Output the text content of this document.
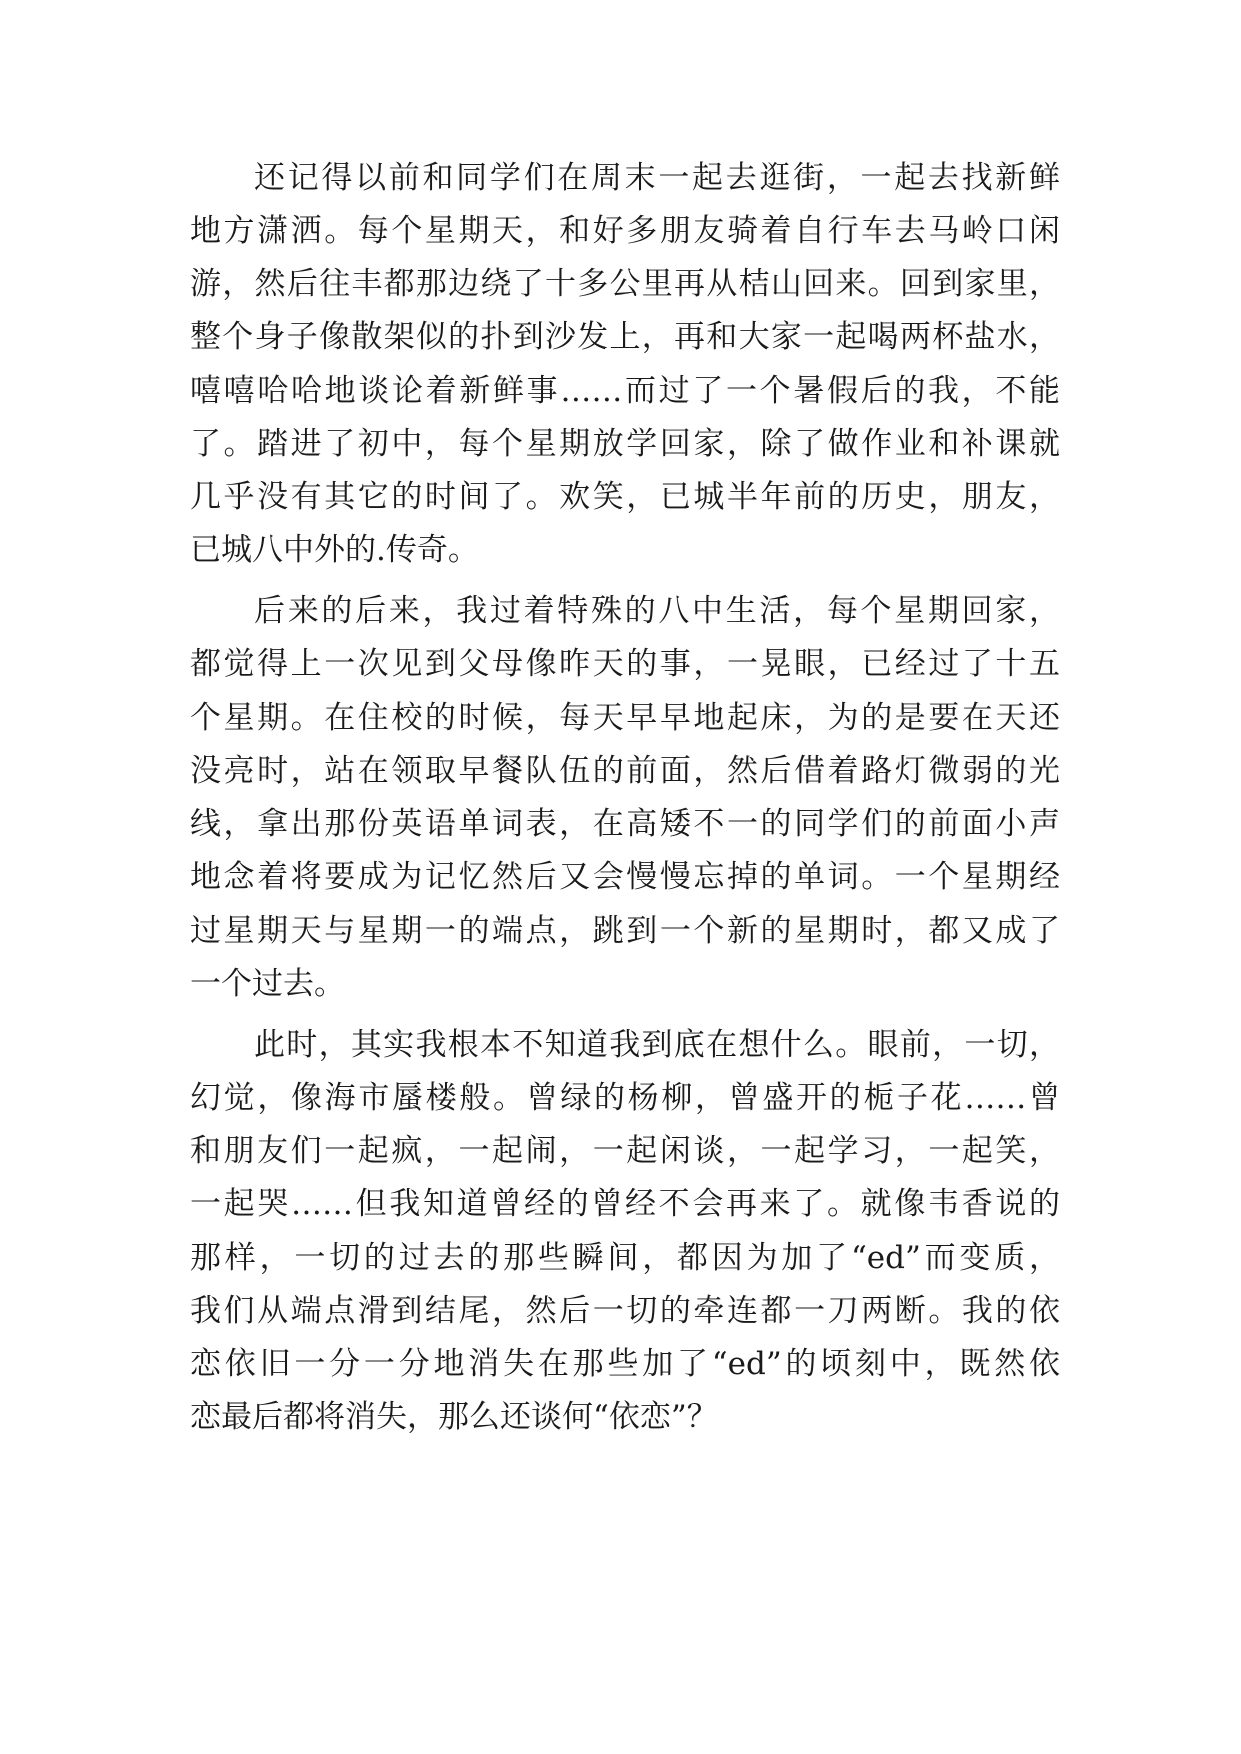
还记得以前和同学们在周末一起去逛街，一起去找新鲜
地方潇洒。每个星期天，和好多朋友骑着自行车去马岭口闲
游，然后往丰都那边绕了十多公里再从桔山回来。回到家里，
整个身子像散架似的扑到沙发上，再和大家一起喝两杯盐水，
嘻嘻哈哈地谈论着新鲜事……而过了一个暑假后的我，不能
了。踏进了初中，每个星期放学回家，除了做作业和补课就
几乎没有其它的时间了。欢笑，已城半年前的历史，朋友，
已城八中外的.传奇。
后来的后来，我过着特殊的八中生活，每个星期回家，
都觉得上一次见到父母像昨天的事，一晃眼，已经过了十五
个星期。在住校的时候，每天早早地起床，为的是要在天还
没亮时，站在领取早餐队伍的前面，然后借着路灯微弱的光
线，拿出那份英语单词表，在高矮不一的同学们的前面小声
地念着将要成为记忆然后又会慢慢忘掉的单词。一个星期经
过星期天与星期一的端点，跳到一个新的星期时，都又成了
一个过去。
此时，其实我根本不知道我到底在想什么。眼前，一切，
幻觉，像海市蜃楼般。曾绿的杨柳，曾盛开的栀子花……曾
和朋友们一起疯，一起闹，一起闲谈，一起学习，一起笑，
一起哭……但我知道曾经的曾经不会再来了。就像韦香说的
那样，一切的过去的那些瞬间，都因为加了“ed”而变质，
我们从端点滑到结尾，然后一切的牵连都一刀两断。我的依
恋依旧一分一分地消失在那些加了“ed”的顷刻中，既然依
恋最后都将消失，那么还谈何“依恋”？
